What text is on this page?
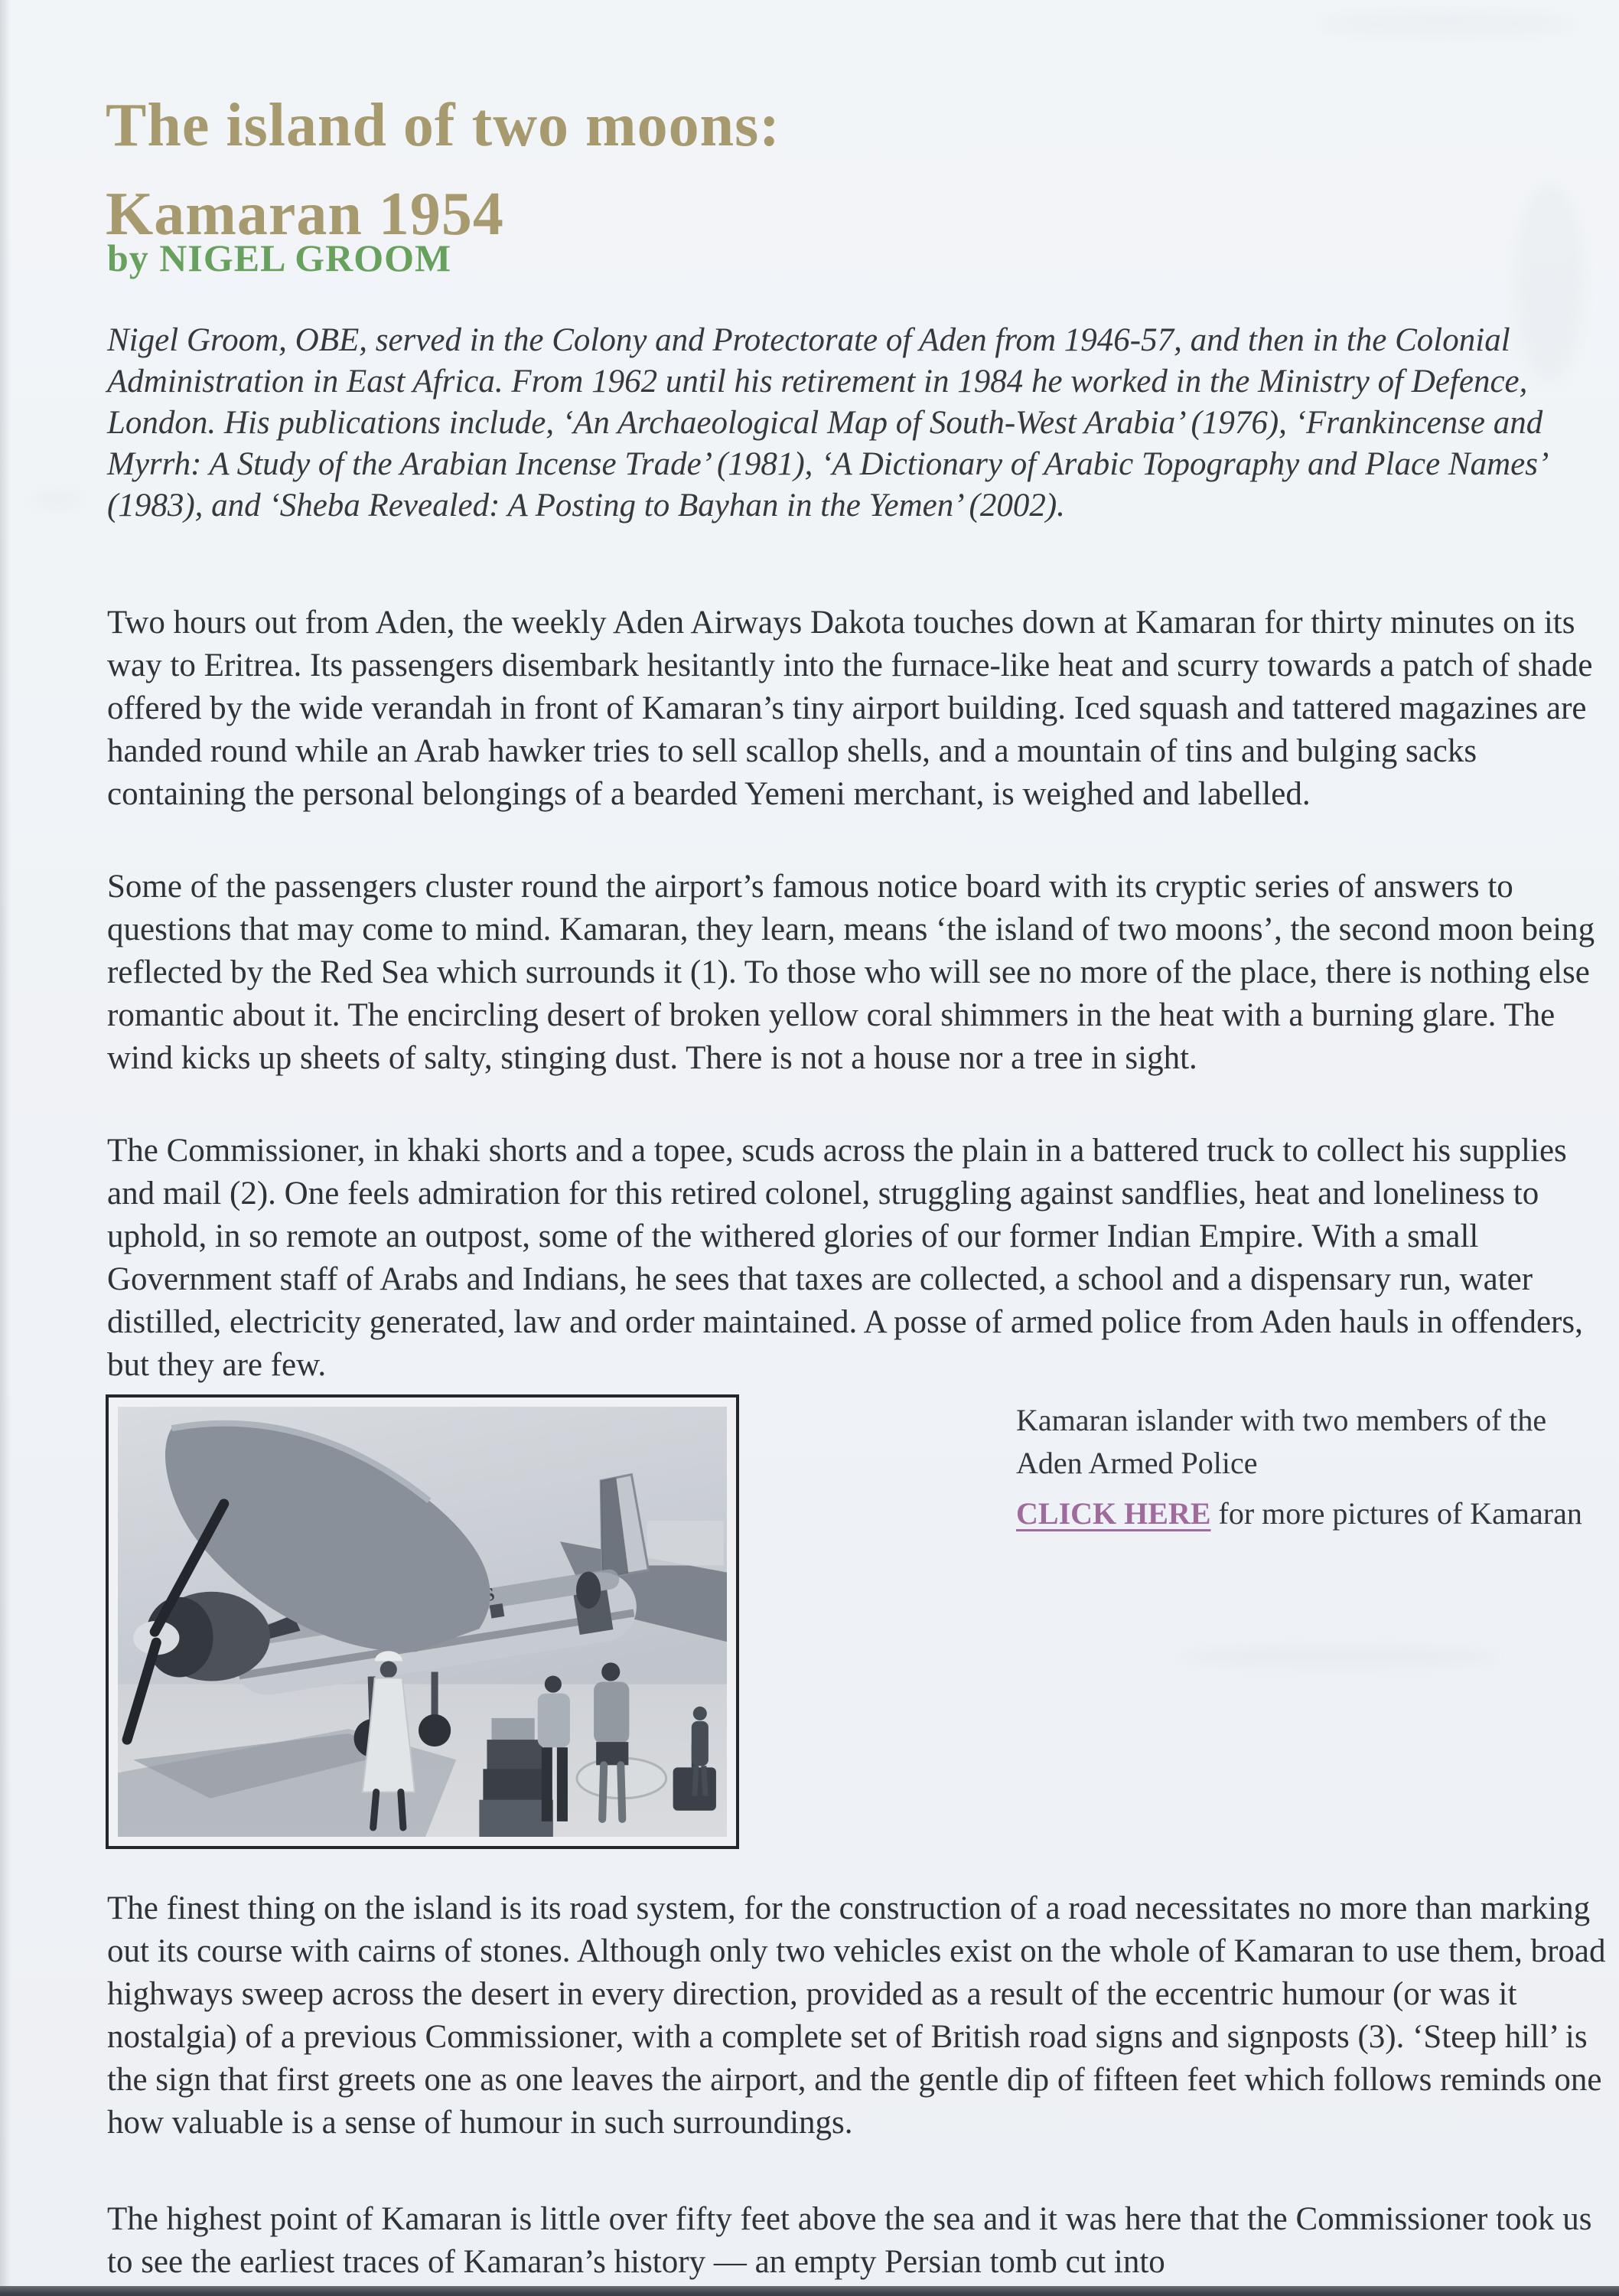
The island of two moons:
Kamaran 1954
by NIGEL GROOM
Nigel Groom, OBE, served in the Colony and Protectorate of Aden from 1946-57, and then in the Colonial Administration in East Africa. From 1962 until his retirement in 1984 he worked in the Ministry of Defence, London. His publications include, ‘An Archaeological Map of South-West Arabia’ (1976), ‘Frankincense and Myrrh: A Study of the Arabian Incense Trade’ (1981), ‘A Dictionary of Arabic Topography and Place Names’ (1983), and ‘Sheba Revealed: A Posting to Bayhan in the Yemen’ (2002).

Two hours out from Aden, the weekly Aden Airways Dakota touches down at Kamaran for thirty minutes on its way to Eritrea. Its passengers disembark hesitantly into the furnace-like heat and scurry towards a patch of shade offered by the wide verandah in front of Kamaran’s tiny airport building. Iced squash and tattered magazines are handed round while an Arab hawker tries to sell scallop shells, and a mountain of tins and bulging sacks containing the personal belongings of a bearded Yemeni merchant, is weighed and labelled.

Some of the passengers cluster round the airport’s famous notice board with its cryptic series of answers to questions that may come to mind. Kamaran, they learn, means ‘the island of two moons’, the second moon being reflected by the Red Sea which surrounds it (1). To those who will see no more of the place, there is nothing else romantic about it. The encircling desert of broken yellow coral shimmers in the heat with a burning glare. The wind kicks up sheets of salty, stinging dust. There is not a house nor a tree in sight.

The Commissioner, in khaki shorts and a topee, scuds across the plain in a battered truck to collect his supplies and mail (2). One feels admiration for this retired colonel, struggling against sandflies, heat and loneliness to uphold, in so remote an outpost, some of the withered glories of our former Indian Empire. With a small Government staff of Arabs and Indians, he sees that taxes are collected, a school and a dispensary run, water distilled, electricity generated, law and order maintained. A posse of armed police from Aden hauls in offenders, but they are few.

Kamaran islander with two members of the Aden Armed Police
CLICK HERE for more pictures of Kamaran

The finest thing on the island is its road system, for the construction of a road necessitates no more than marking out its course with cairns of stones. Although only two vehicles exist on the whole of Kamaran to use them, broad highways sweep across the desert in every direction, provided as a result of the eccentric humour (or was it nostalgia) of a previous Commissioner, with a complete set of British road signs and signposts (3). ‘Steep hill’ is the sign that first greets one as one leaves the airport, and the gentle dip of fifteen feet which follows reminds one how valuable is a sense of humour in such surroundings.

The highest point of Kamaran is little over fifty feet above the sea and it was here that the Commissioner took us to see the earliest traces of Kamaran’s history — an empty Persian tomb cut into
